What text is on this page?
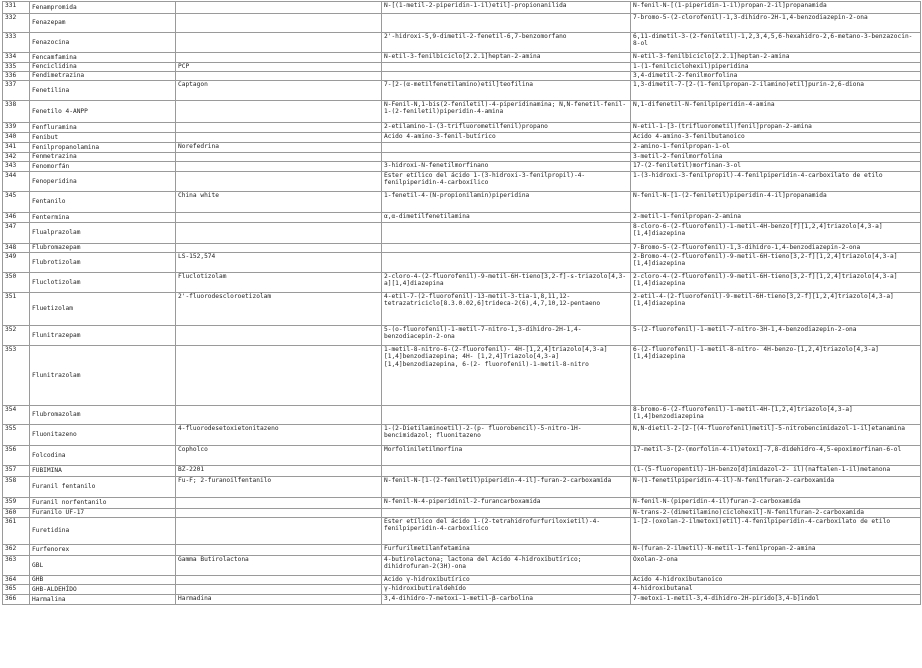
331	Fenampromida		N-[(1-metil-2-piperidin-1-il)etil]-propionanilida	N-fenil-N-[(1-piperidin-1-il)propan-2-il]propanamida
332	Fenazepam			7-bromo-5-(2-clorofenil)-1,3-dihidro-2H-1,4-benzodiazepin-2-ona
333	Fenazocina		2'-hidroxi-5,9-dimetil-2-fenetil-6,7-benzomorfano	6,11-dimetil-3-(2-feniletil)-1,2,3,4,5,6-hexahidro-2,6-metano-3-benzazocin-8-ol
334	Fencamfamina		N-etil-3-fenilbiciclo[2.2.1]heptan-2-amina	N-etil-3-fenilbiciclo[2.2.1]heptan-2-amina
335	Fenciclidina	PCP		1-(1-fenilciclohexil)piperidina
336	Fendimetrazina			3,4-dimetil-2-fenilmorfolina
337	Fenetilina	Captagon	7-[2-(α-metilfenetilamino)etil]teofilina	1,3-dimetil-7-[2-(1-fenilpropan-2-ilamino)etil]purin-2,6-diona
338	Fenetilo 4-ANPP		N-Fenil-N,1-bis(2-feniletil)-4-piperidinamina; N,N-fenetil-fenil-1-(2-feniletil)piperidin-4-amina	N,1-difenetil-N-fenilpiperidin-4-amina
339	Fenfluramina		2-etilamino-1-(3-trifluorometilfenil)propano	N-etil-1-[3-(trifluorometil)fenil]propan-2-amina
340	Fenibut		Ácido 4-amino-3-fenil-butírico	Ácido 4-amino-3-fenilbutanoico
341	Fenilpropanolamina	Norefedrina		2-amino-1-fenilpropan-1-ol
342	Fenmetrazina			3-metil-2-fenilmorfolina
343	Fenomorfán		3-hidroxi-N-fenetilmorfinano	17-(2-feniletil)morfinan-3-ol
344	Fenoperidina		Ester etílico del ácido 1-(3-hidroxi-3-fenilpropil)-4-fenilpiperidin-4-carboxílico	1-(3-hidroxi-3-fenilpropil)-4-fenilpiperidin-4-carboxilato de etilo
345	Fentanilo	China white	1-fenetil-4-(N-propionilamin)piperidina	N-fenil-N-[1-(2-feniletil)piperidin-4-il]propanamida
346	Fentermina		α,α-dimetilfenetilamina	2-metil-1-fenilpropan-2-amina
347	Flualprazolam			8-cloro-6-(2-fluorofenil)-1-metil-4H-benzo[f][1,2,4]triazolo[4,3-a][1,4]diazepina
348	Flubromazepam			7-Bromo-5-(2-fluorofenil)-1,3-dihidro-1,4-benzodiazepin-2-ona
349	Flubrotizolam	LS-152,574		2-Bromo-4-(2-fluorofenil)-9-metil-6H-tieno[3,2-f][1,2,4]triazolo[4,3-a][1,4]diazepina
350	Fluclotizolam	Fluclotizolam	2-cloro-4-(2-fluorofenil)-9-metil-6H-tieno[3,2-f]-s-triazolo[4,3-a][1,4]diazepina	2-cloro-4-(2-fluorofenil)-9-metil-6H-tieno[3,2-f][1,2,4]triazolo[4,3-a][1,4]diazepina
351	Fluetizolam	2'-fluorodescloroetizolam	4-etil-7-(2-fluorofenil)-13-metil-3-tia-1,8,11,12-tetrazatriciclo[8.3.0.02,6]trideca-2(6),4,7,10,12-pentaeno	2-etil-4-(2-fluorofenil)-9-metil-6H-tieno[3,2-f][1,2,4]triazolo[4,3-a][1,4]diazepina
352	Flunitrazepam		5-(o-fluorofenil)-1-metil-7-nitro-1,3-dihidro-2H-1,4-benzodiacepin-2-ona	5-(2-fluorofenil)-1-metil-7-nitro-3H-1,4-benzodiazepin-2-ona
353	Flunitrazolam		1-metil-8-nitro-6-(2-fluorofenil)- 4H-[1,2,4]triazolo[4,3-a][1,4]benzodiazepina; 4H- [1,2,4]Triazolo[4,3-a][1,4]benzodiazepina, 6-(2- fluorofenil)-1-metil-8-nitro	6-(2-fluorofenil)-1-metil-8-nitro- 4H-benzo-[1,2,4]triazolo[4,3-a][1,4]diazepina
354	Flubromazolam			8-bromo-6-(2-fluorofenil)-1-metil-4H-[1,2,4]triazolo[4,3-a][1,4]benzodiazepina
355	Fluonitazeno	4-fluorodesetoxietonitazeno	1-(2-Dietilaminoetil)-2-(p- fluorobencil)-5-nitro-1H-bencimidazol; fluonitazeno	N,N-dietil-2-[2-[(4-fluorofenil)metil]-5-nitrobencimidazol-1-il]etanamina
356	Folcodina	Copholco	Morfoliniletilmorfina	17-metil-3-[2-(morfolin-4-il)etoxi]-7,8-didehidro-4,5-epoximorfinan-6-ol
357	FUBIMINA	BZ-2201		(1-(5-fluoropentil)-1H-benzo[d]imidazol-2- il)(naftalen-1-il)metanona
358	Furanil fentanilo	Fu-F; 2-furanoilfentanilo	N-fenil-N-[1-(2-feniletil)piperidin-4-il]-furan-2-carboxamida	N-(1-fenetilpiperidin-4-il)-N-fenilfuran-2-carboxamida
359	Furanil norfentanilo		N-fenil-N-4-piperidinil-2-furancarboxamida	N-fenil-N-(piperidin-4-il)furan-2-carboxamida
360	Furanilo UF-17			N-trans-2-(dimetilamino)ciclohexil]-N-fenilfuran-2-carboxamida
361	Furetidina		Ester etílico del ácido 1-(2-tetrahidrofurfuriloxietil)-4-fenilpiperidin-4-carboxílico	1-[2-(oxolan-2-ilmetoxi)etil]-4-fenilpiperidin-4-carboxilato de etilo
362	Furfenorex		Furfurilmetilanfetamina	N-(furan-2-ilmetil)-N-metil-1-fenilpropan-2-amina
363	GBL	Gamma Butirolactona	4-butirolactona; lactona del Ácido 4-hidroxibutírico; dihidrofuran-2(3H)-ona	Oxolan-2-ona
364	GHB		Ácido γ-hidroxibutírico	Ácido 4-hidroxibutanoico
365	GHB-ALDEHÍDO		γ-hidroxibutiraldehído	4-hidroxibutanal
366	Harmalina	Harmadina	3,4-dihidro-7-metoxi-1-metil-β-carbolina	7-metoxi-1-metil-3,4-dihidro-2H-pirido[3,4-b]indol
